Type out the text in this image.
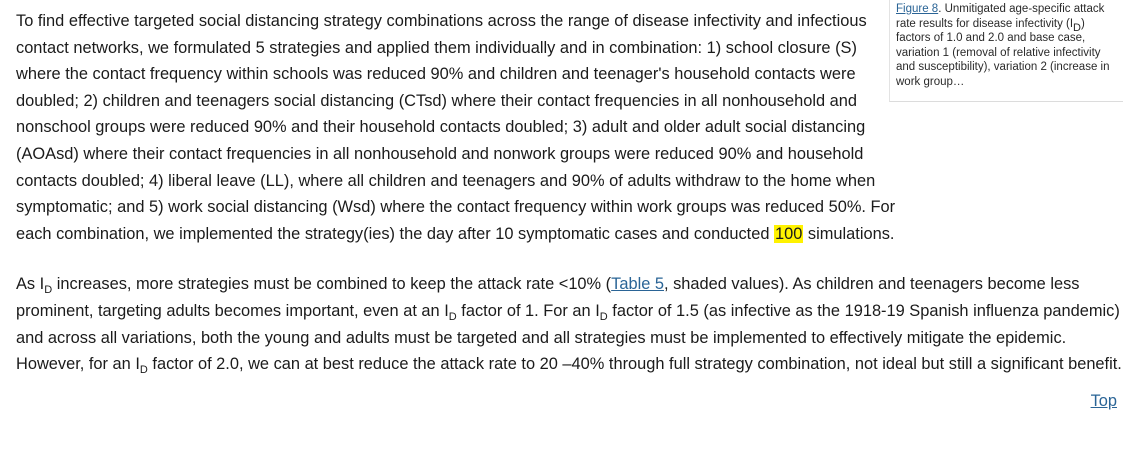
Figure 8. Unmitigated age-specific attack rate results for disease infectivity $(I_D)$ factors of 1.0 and 2.0 and base case, variation 1 (removal of relative infectivity and susceptibility), variation 2 (increase in work group…

To find effective targeted social distancing strategy combinations across the range of disease infectivity and infectious contact networks, we formulated 5 strategies and applied them individually and in combination: 1) school closure (S) where the contact frequency within schools was reduced 90% and children and teenager's household contacts were doubled; 2) children and teenagers social distancing (CTsd) where their contact frequencies in all nonhousehold and nonschool groups were reduced 90% and their household contacts doubled; 3) adult and older adult social distancing (AOAsd) where their contact frequencies in all nonhousehold and nonwork groups were reduced 90% and household contacts doubled; 4) liberal leave (LL), where all children and teenagers and 90% of adults withdraw to the home when symptomatic; and 5) work social distancing (Wsd) where the contact frequency within work groups was reduced 50%. For each combination, we implemented the strategy(ies) the day after 10 symptomatic cases and conducted 100 simulations.

As $I_D$ increases, more strategies must be combined to keep the attack rate <10% (Table 5, shaded values). As children and teenagers become less prominent, targeting adults becomes important, even at an $I_D$ factor of 1. For an $I_D$ factor of 1.5 (as infective as the 1918-19 Spanish influenza pandemic) and across all variations, both the young and adults must be targeted and all strategies must be implemented to effectively mitigate the epidemic. However, for an $I_D$ factor of 2.0, we can at best reduce the attack rate to 20 –40% through full strategy combination, not ideal but still a significant benefit.

Top
